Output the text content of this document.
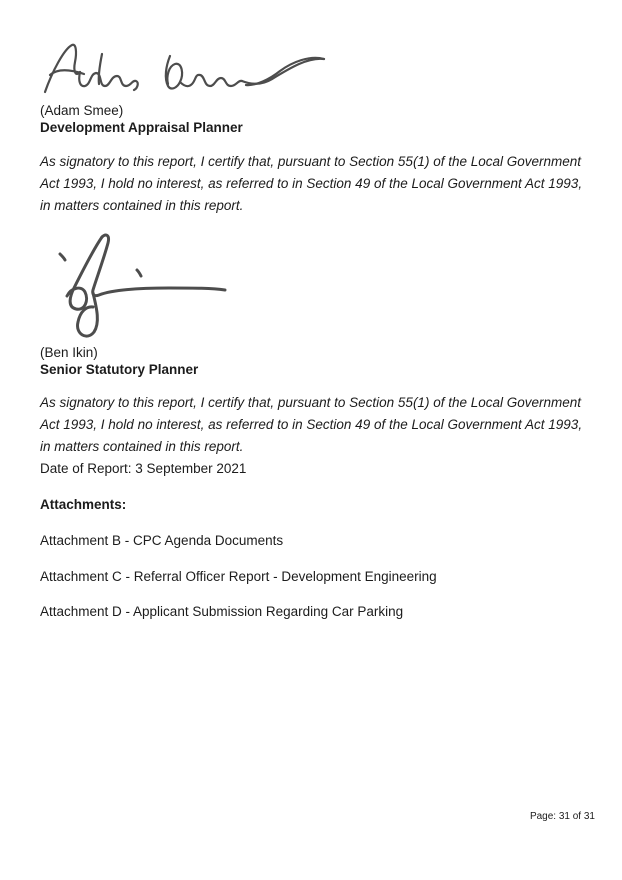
(Adam Smee)
Development Appraisal Planner
As signatory to this report, I certify that, pursuant to Section 55(1) of the Local Government Act 1993, I hold no interest, as referred to in Section 49 of the Local Government Act 1993, in matters contained in this report.
(Ben Ikin)
Senior Statutory Planner
As signatory to this report, I certify that, pursuant to Section 55(1) of the Local Government Act 1993, I hold no interest, as referred to in Section 49 of the Local Government Act 1993, in matters contained in this report.
Date of Report: 3 September 2021
Attachments:
Attachment B - CPC Agenda Documents
Attachment C - Referral Officer Report - Development Engineering
Attachment D - Applicant Submission Regarding Car Parking
Page: 31 of 31
